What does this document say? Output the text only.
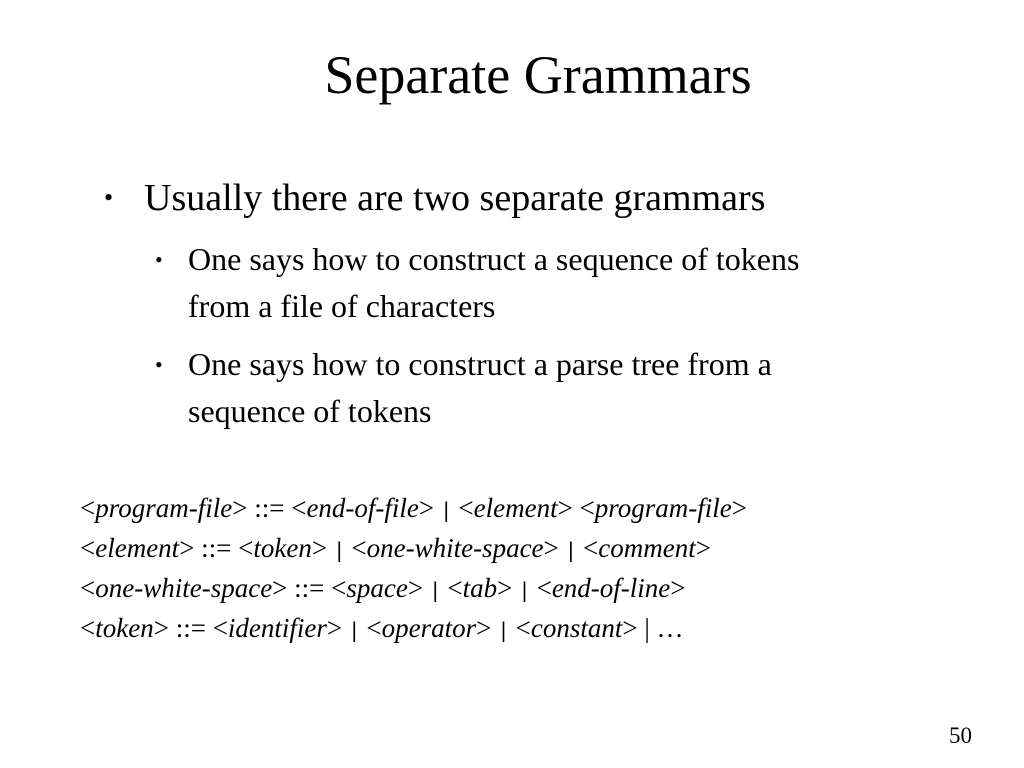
Separate Grammars
• Usually there are two separate grammars
• One says how to construct a sequence of tokens
from a file of characters
• One says how to construct a parse tree from a
sequence of tokens
<program-file> ::= <end-of-file> | <element> <program-file>
<element> ::= <token> | <one-white-space> | <comment>
<one-white-space> ::= <space> | <tab> | <end-of-line>
<token> ::= <identifier> | <operator> | <constant> | …
50
